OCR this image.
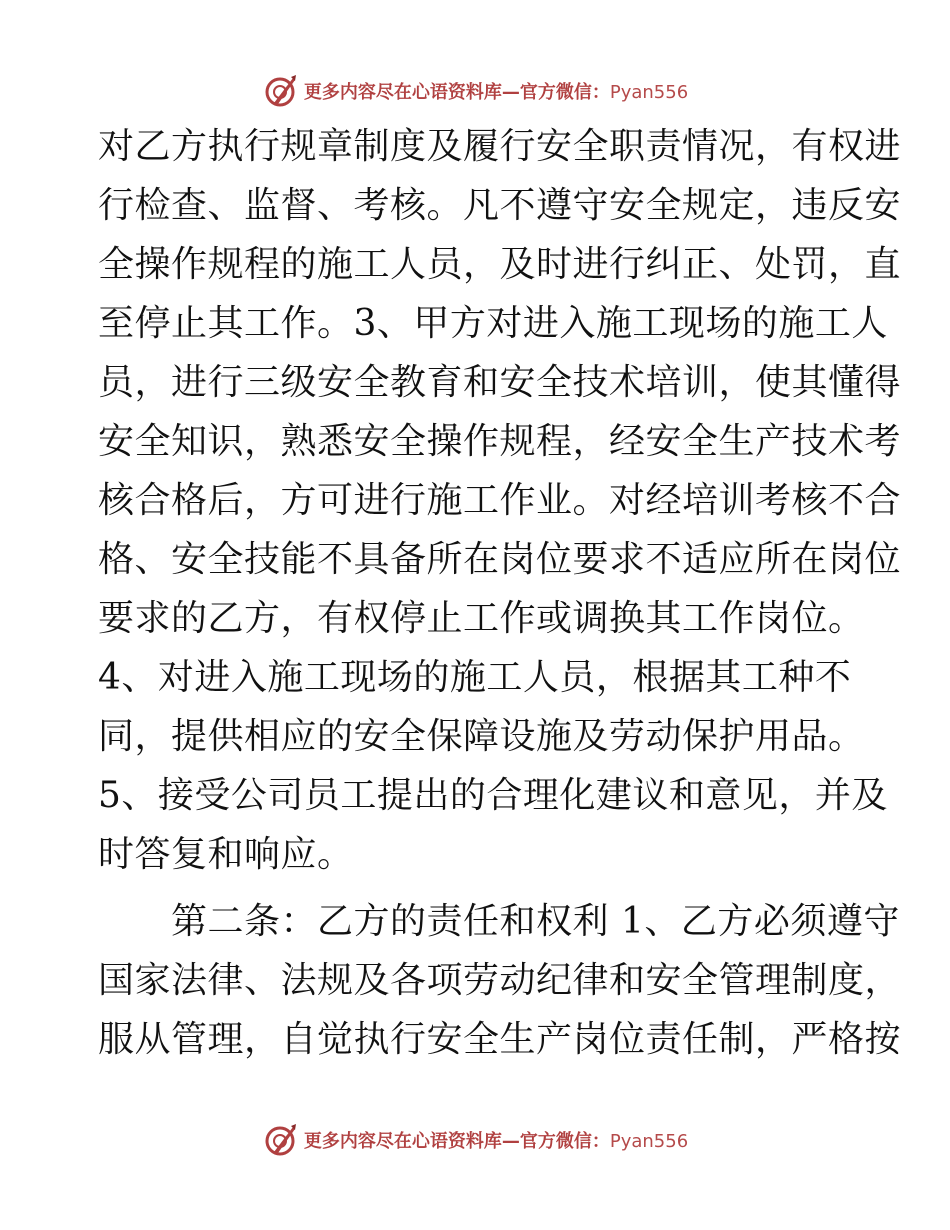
更多内容尽在心语资料库—官方微信：Pyan556
对乙方执行规章制度及履行安全职责情况，有权进
行检查、监督、考核。凡不遵守安全规定，违反安
全操作规程的施工人员，及时进行纠正、处罚，直
至停止其工作。3、甲方对进入施工现场的施工人
员，进行三级安全教育和安全技术培训，使其懂得
安全知识，熟悉安全操作规程，经安全生产技术考
核合格后，方可进行施工作业。对经培训考核不合
格、安全技能不具备所在岗位要求不适应所在岗位
要求的乙方，有权停止工作或调换其工作岗位。
4、对进入施工现场的施工人员，根据其工种不
同，提供相应的安全保障设施及劳动保护用品。
5、接受公司员工提出的合理化建议和意见，并及
时答复和响应。
　　第二条：乙方的责任和权利 1、乙方必须遵守
国家法律、法规及各项劳动纪律和安全管理制度，
服从管理，自觉执行安全生产岗位责任制，严格按
更多内容尽在心语资料库—官方微信：Pyan556
